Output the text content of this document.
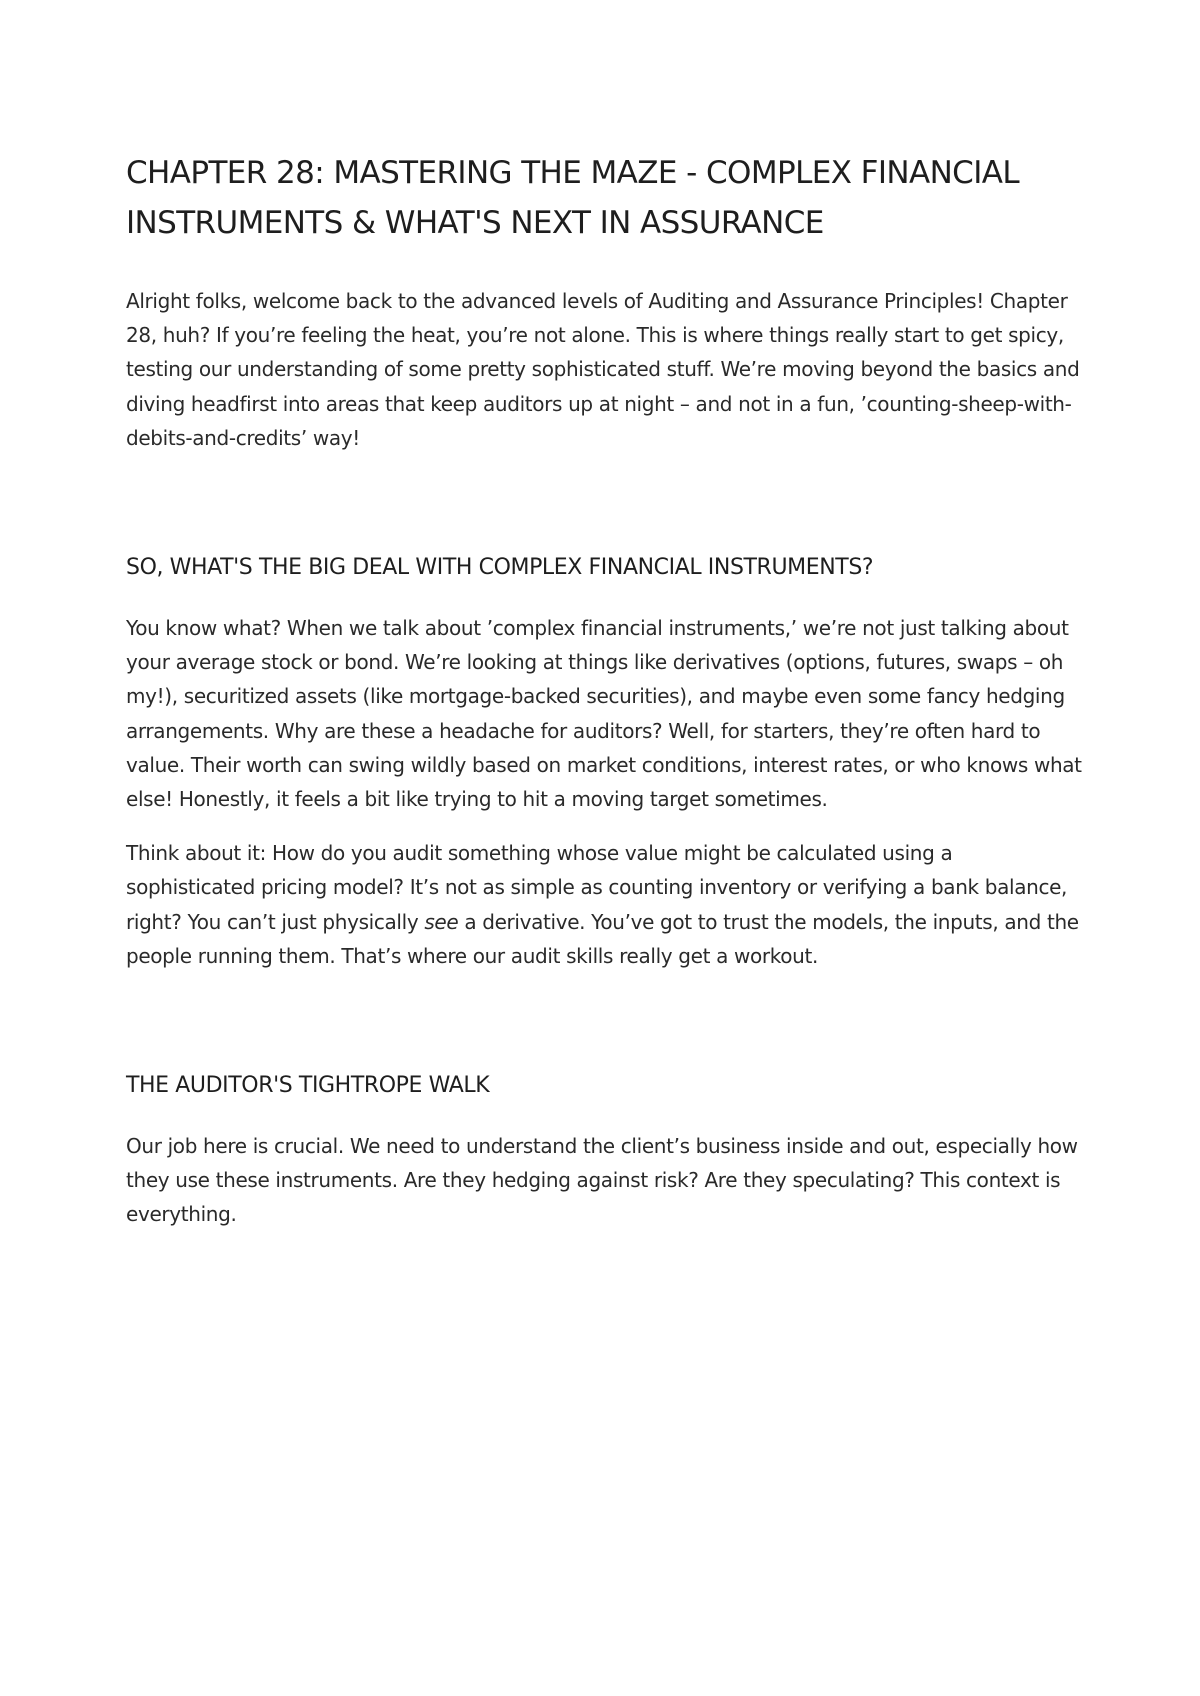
CHAPTER 28: MASTERING THE MAZE - COMPLEX FINANCIAL INSTRUMENTS & WHAT'S NEXT IN ASSURANCE

Alright folks, welcome back to the advanced levels of Auditing and Assurance Principles! Chapter 28, huh? If you’re feeling the heat, you’re not alone. This is where things really start to get spicy, testing our understanding of some pretty sophisticated stuff. We’re moving beyond the basics and diving headfirst into areas that keep auditors up at night – and not in a fun, ’counting-sheep-with-debits-and-credits’ way!

SO, WHAT'S THE BIG DEAL WITH COMPLEX FINANCIAL INSTRUMENTS?

You know what? When we talk about ’complex financial instruments,’ we’re not just talking about your average stock or bond. We’re looking at things like derivatives (options, futures, swaps – oh my!), securitized assets (like mortgage-backed securities), and maybe even some fancy hedging arrangements. Why are these a headache for auditors? Well, for starters, they’re often hard to value. Their worth can swing wildly based on market conditions, interest rates, or who knows what else! Honestly, it feels a bit like trying to hit a moving target sometimes.

Think about it: How do you audit something whose value might be calculated using a sophisticated pricing model? It’s not as simple as counting inventory or verifying a bank balance, right? You can’t just physically see a derivative. You’ve got to trust the models, the inputs, and the people running them. That’s where our audit skills really get a workout.

THE AUDITOR'S TIGHTROPE WALK

Our job here is crucial. We need to understand the client’s business inside and out, especially how they use these instruments. Are they hedging against risk? Are they speculating? This context is everything.
